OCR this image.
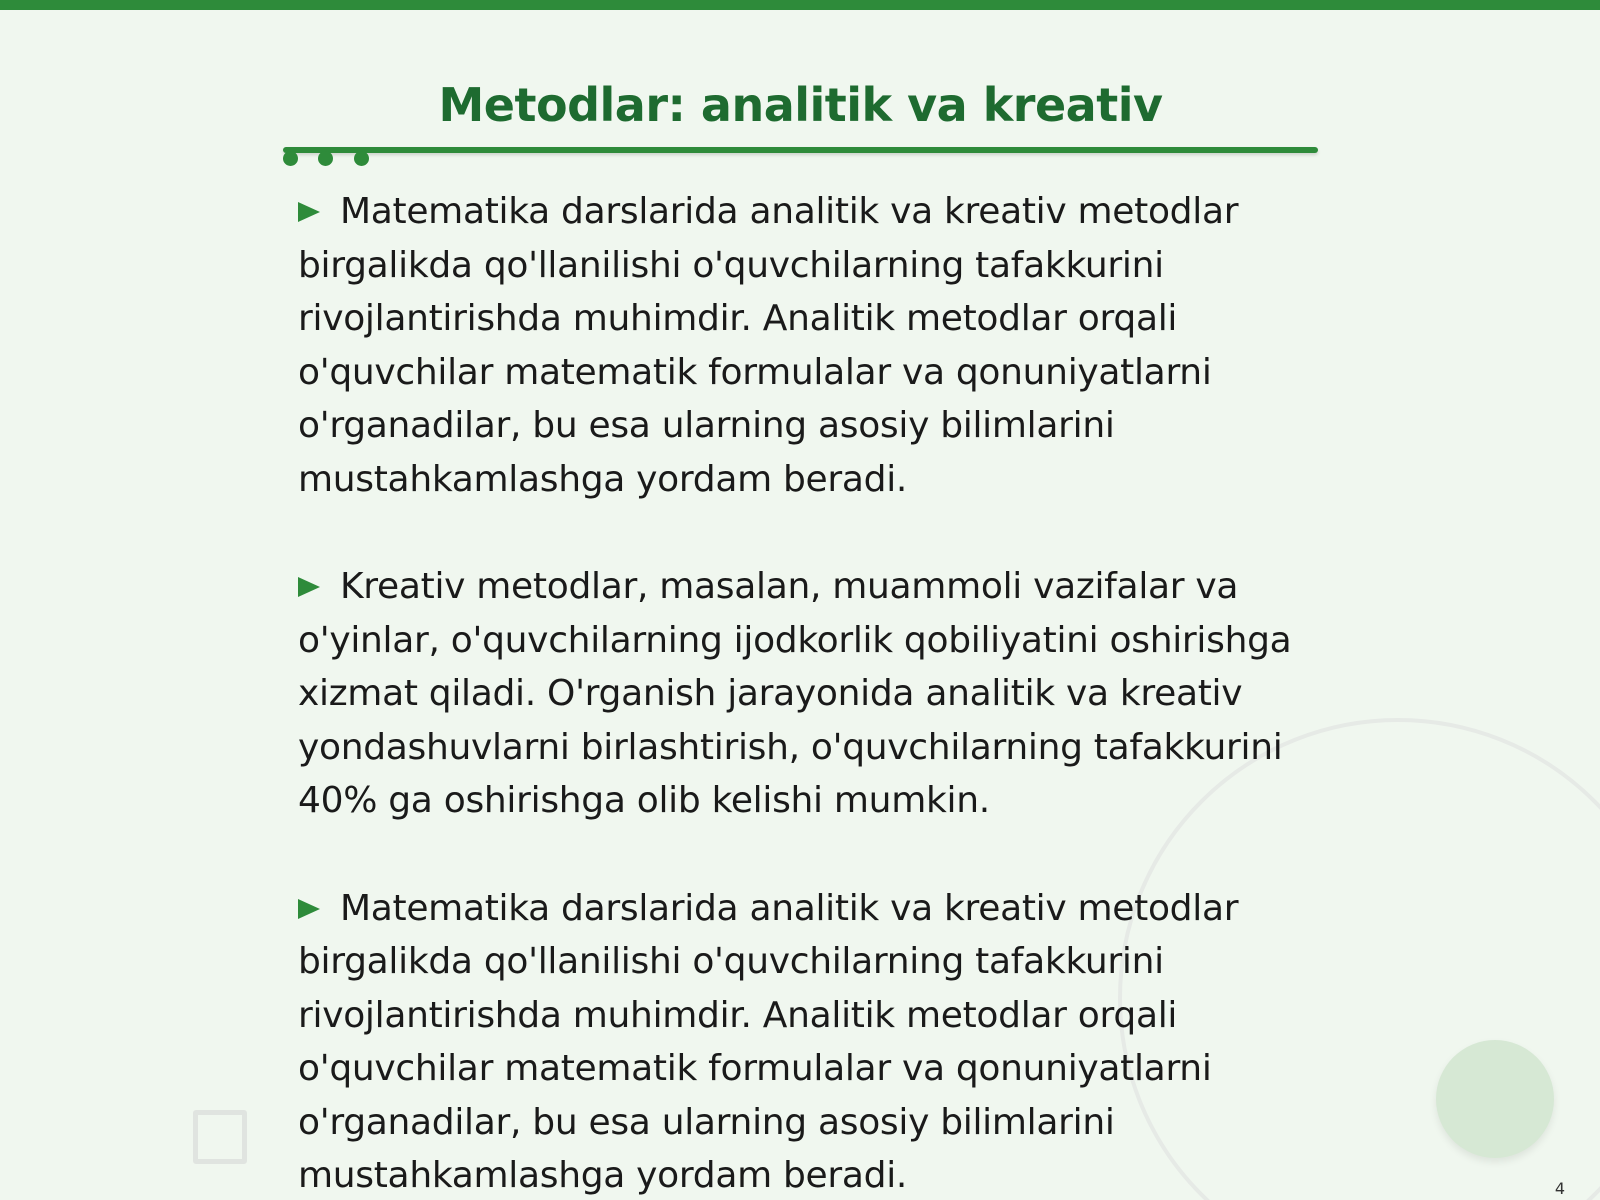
Metodlar: analitik va kreativ

Matematika darslarida analitik va kreativ metodlar birgalikda qo'llanilishi o'quvchilarning tafakkurini rivojlantirishda muhimdir. Analitik metodlar orqali o'quvchilar matematik formulalar va qonuniyatlarni o'rganadilar, bu esa ularning asosiy bilimlarini mustahkamlashga yordam beradi.

Kreativ metodlar, masalan, muammoli vazifalar va o'yinlar, o'quvchilarning ijodkorlik qobiliyatini oshirishga xizmat qiladi. O'rganish jarayonida analitik va kreativ yondashuvlarni birlashtirish, o'quvchilarning tafakkurini 40% ga oshirishga olib kelishi mumkin.

Matematika darslarida analitik va kreativ metodlar birgalikda qo'llanilishi o'quvchilarning tafakkurini rivojlantirishda muhimdir. Analitik metodlar orqali o'quvchilar matematik formulalar va qonuniyatlarni o'rganadilar, bu esa ularning asosiy bilimlarini mustahkamlashga yordam beradi.	4
